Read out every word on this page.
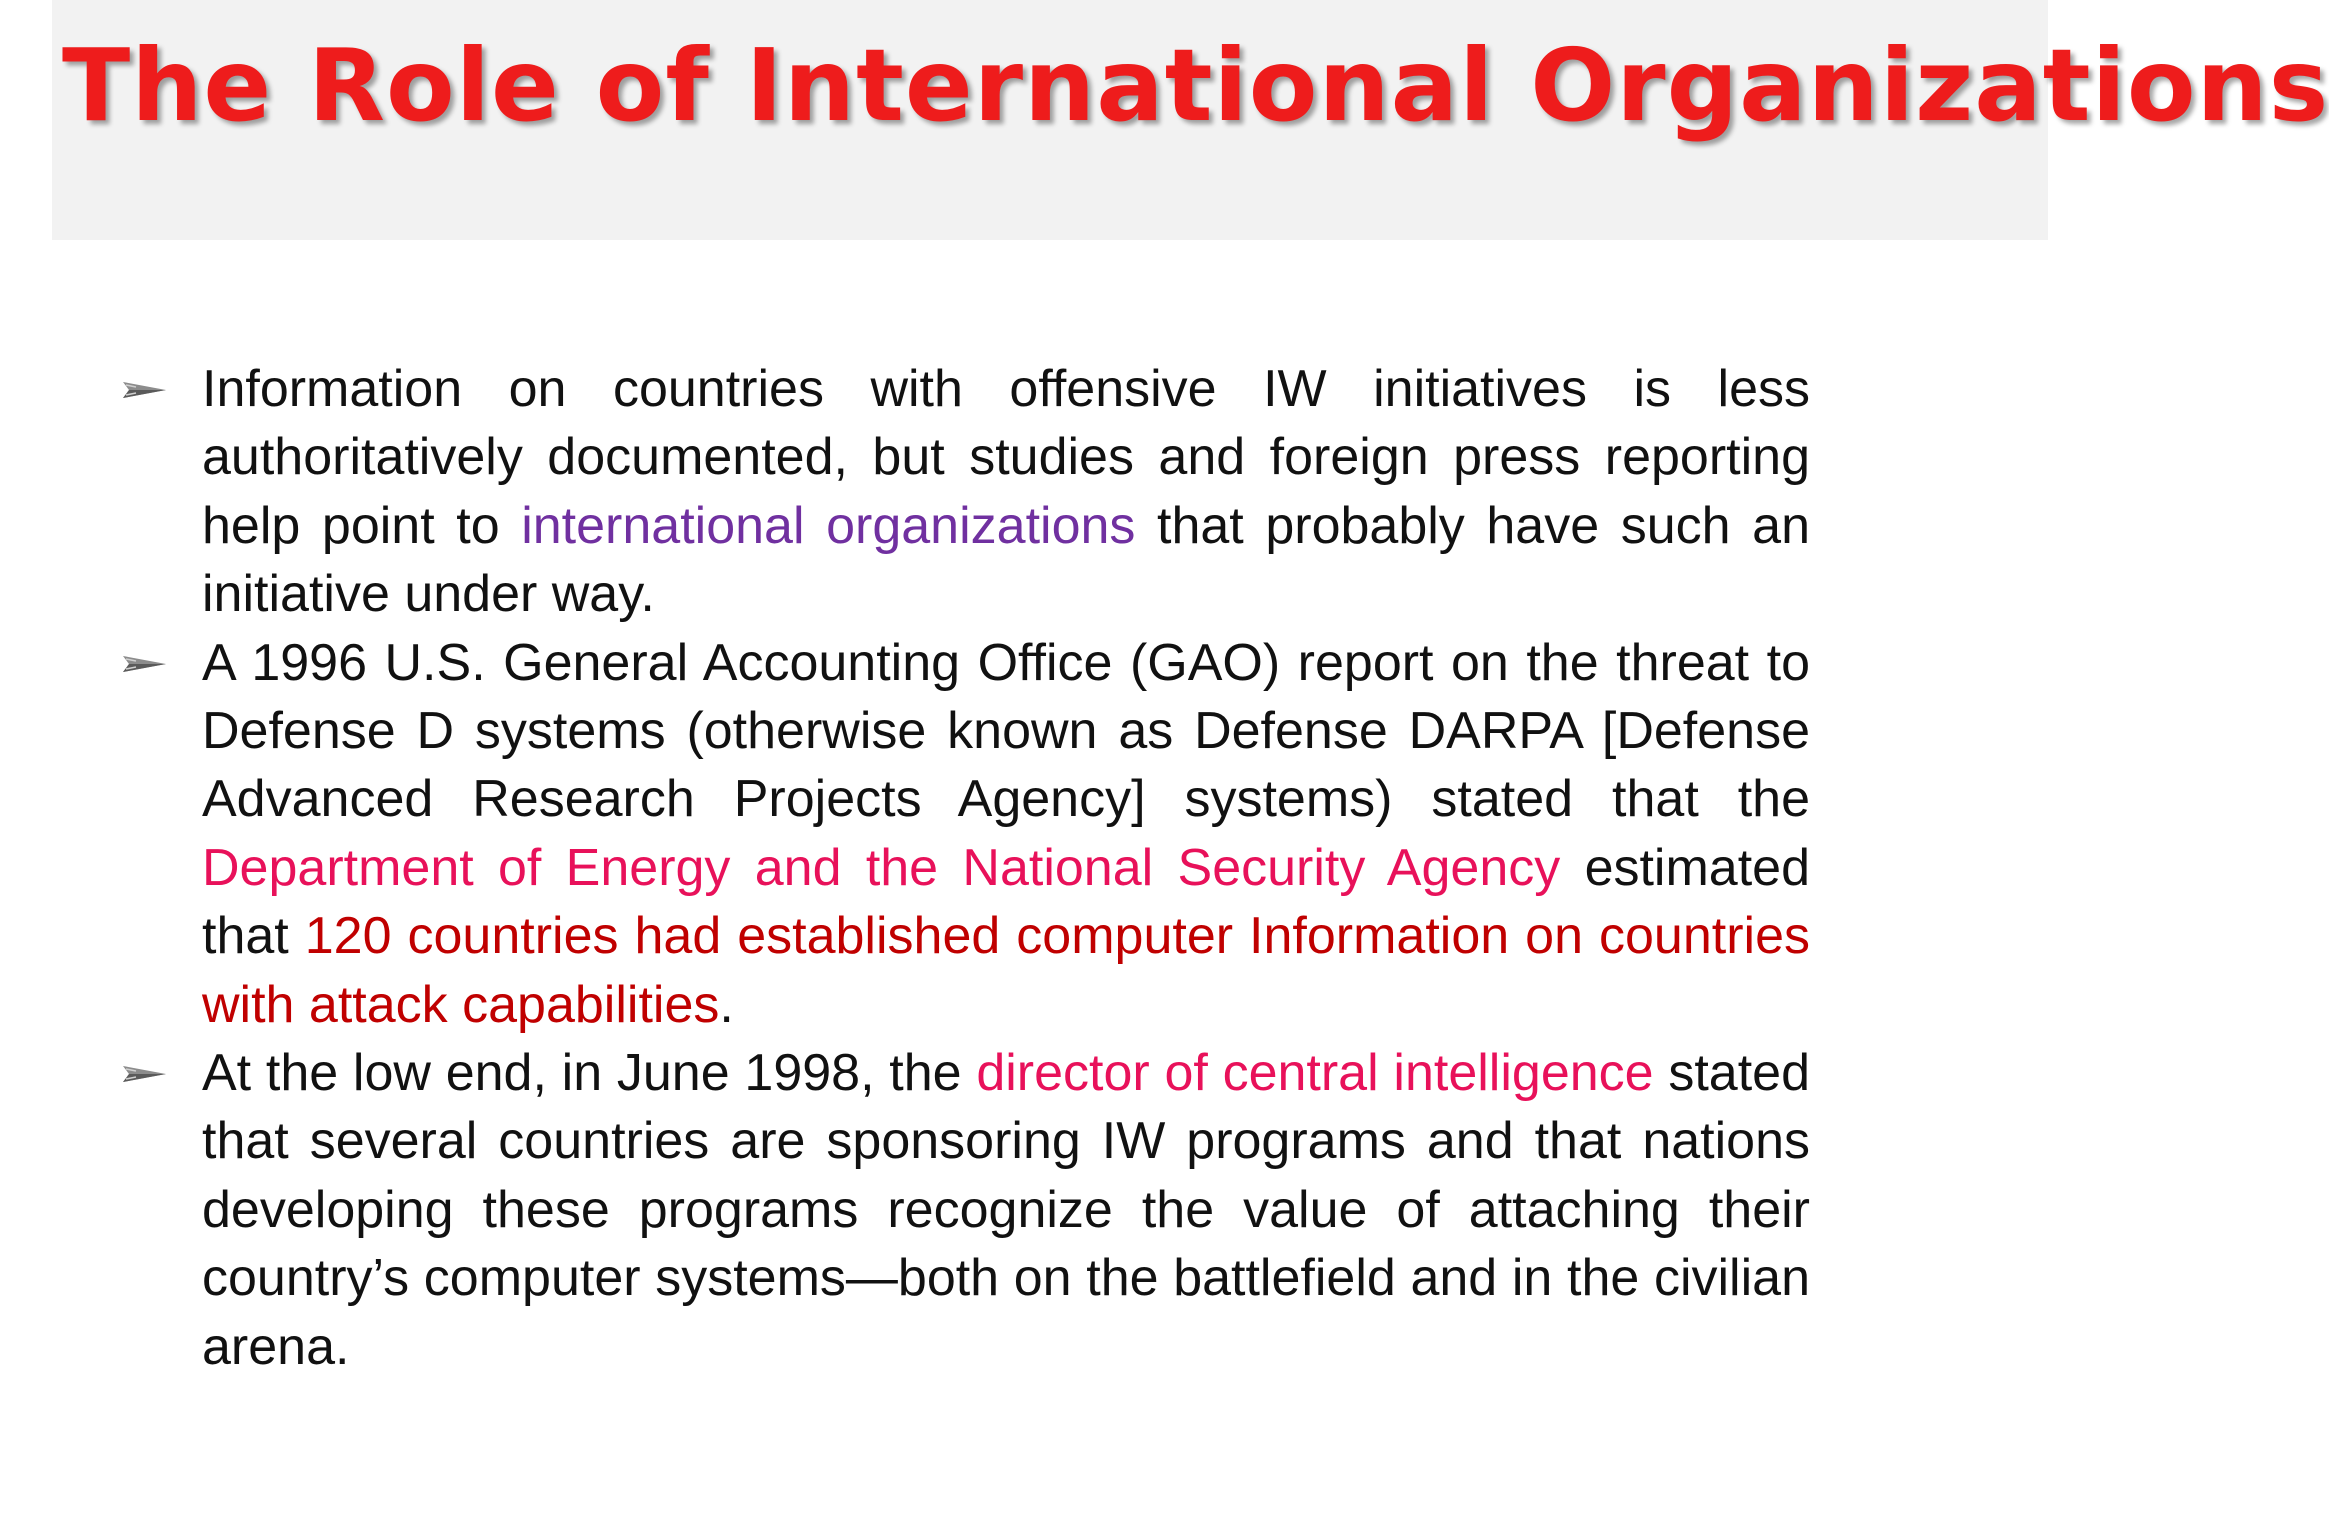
The Role of International Organizations
Information on countries with offensive IW initiatives is less authoritatively documented, but studies and foreign press reporting help point to international organizations that probably have such an initiative under way.
A 1996 U.S. General Accounting Office (GAO) report on the threat to Defense D systems (otherwise known as Defense DARPA [Defense Advanced Research Projects Agency] systems) stated that the Department of Energy and the National Security Agency estimated that 120 countries had established computer Information on countries with attack capabilities.
At the low end, in June 1998, the director of central intelligence stated that several countries are sponsoring IW programs and that nations developing these programs recognize the value of attaching their country’s computer systems—both on the battlefield and in the civilian arena.
